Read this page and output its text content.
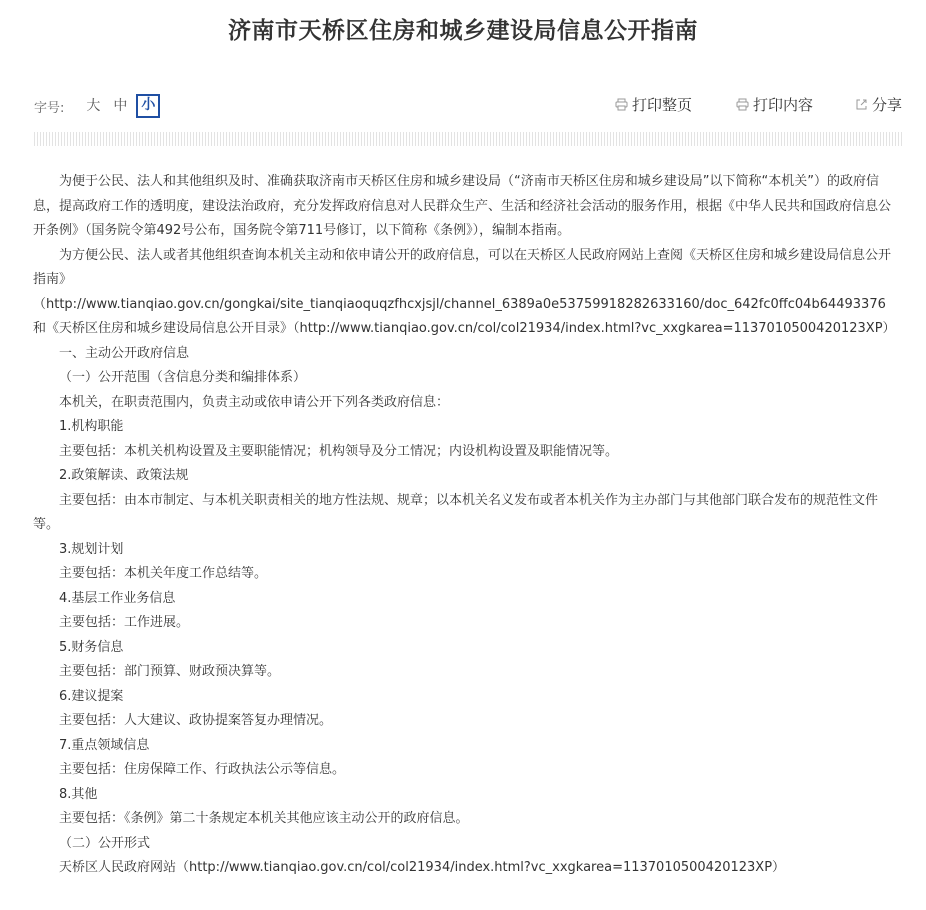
济南市天桥区住房和城乡建设局信息公开指南
字号: 大 中	小	打印整页	打印内容	分享

为便于公民、法人和其他组织及时、准确获取济南市天桥区住房和城乡建设局（“济南市天桥区住房和城乡建设局”以下简称“本机关”）的政府信息，提高政府工作的透明度，建设法治政府，充分发挥政府信息对人民群众生产、生活和经济社会活动的服务作用，根据《中华人民共和国政府信息公开条例》（国务院令第492号公布，国务院令第711号修订，以下简称《条例》），编制本指南。

为方便公民、法人或者其他组织查询本机关主动和依申请公开的政府信息，可以在天桥区人民政府网站上查阅《天桥区住房和城乡建设局信息公开指南》

（http://www.tianqiao.gov.cn/gongkai/site_tianqiaoquqzfhcxjsjl/channel_6389a0e53759918282633160/doc_642fc0ffc04b64493376

和《天桥区住房和城乡建设局信息公开目录》（http://www.tianqiao.gov.cn/col/col21934/index.html?vc_xxgkarea=1137010500420123XP）

一、主动公开政府信息

（一）公开范围（含信息分类和编排体系）

本机关，在职责范围内，负责主动或依申请公开下列各类政府信息：

1.机构职能

主要包括：本机关机构设置及主要职能情况；机构领导及分工情况；内设机构设置及职能情况等。

2.政策解读、政策法规

主要包括：由本市制定、与本机关职责相关的地方性法规、规章；以本机关名义发布或者本机关作为主办部门与其他部门联合发布的规范性文件等。

3.规划计划

主要包括：本机关年度工作总结等。

4.基层工作业务信息

主要包括：工作进展。

5.财务信息

主要包括：部门预算、财政预决算等。

6.建议提案

主要包括：人大建议、政协提案答复办理情况。

7.重点领域信息

主要包括：住房保障工作、行政执法公示等信息。

8.其他

主要包括：《条例》第二十条规定本机关其他应该主动公开的政府信息。

（二）公开形式

天桥区人民政府网站（http://www.tianqiao.gov.cn/col/col21934/index.html?vc_xxgkarea=1137010500420123XP）
